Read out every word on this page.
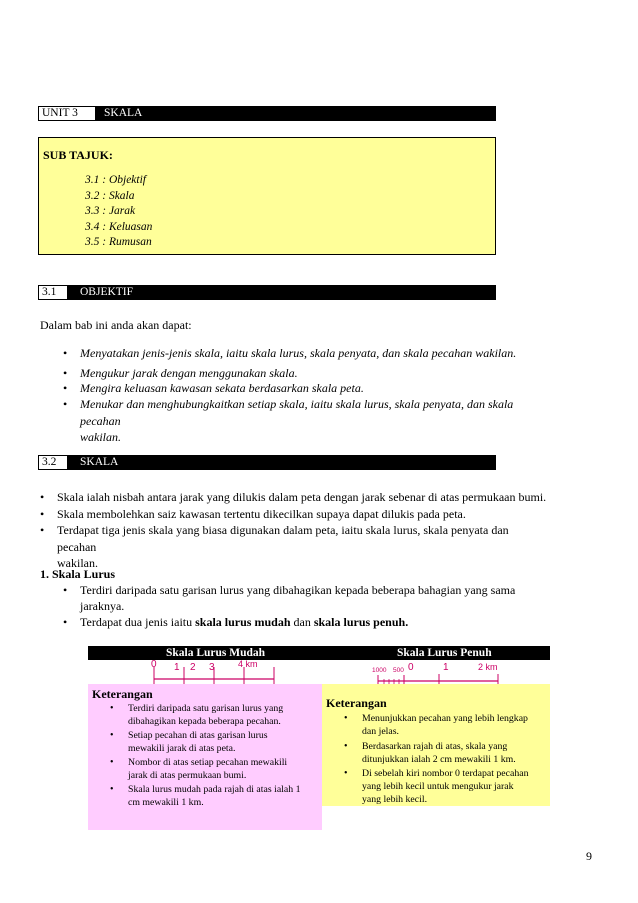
UNIT 3	SKALA
SUB TAJUK:
3.1 : Objektif
3.2 : Skala
3.3 : Jarak
3.4 : Keluasan
3.5 : Rumusan
3.1	OBJEKTIF
Dalam bab ini anda akan dapat:
• Menyatakan jenis-jenis skala, iaitu skala lurus, skala penyata, dan skala pecahan wakilan.
• Mengukur jarak dengan menggunakan skala.
• Mengira keluasan kawasan sekata berdasarkan skala peta.
• Menukar dan menghubungkaitkan setiap skala, iaitu skala lurus, skala penyata, dan skala
pecahan wakilan.
3.2	SKALA
• Skala ialah nisbah antara jarak yang dilukis dalam peta dengan jarak sebenar di atas permukaan bumi.
• Skala membolehkan saiz kawasan tertentu dikecilkan supaya dapat dilukis pada peta.
• Terdapat tiga jenis skala yang biasa digunakan dalam peta, iaitu skala lurus, skala penyata dan
pecahan wakilan.
1. Skala Lurus
• Terdiri daripada satu garisan lurus yang dibahagikan kepada beberapa bahagian yang sama
jaraknya.
• Terdapat dua jenis iaitu skala lurus mudah dan skala lurus penuh.
Skala Lurus Mudah	Skala Lurus Penuh
0 1 2 3	4 km
1000 500 0	1	2 km
Keterangan
• Terdiri daripada satu garisan lurus yang
dibahagikan kepada beberapa pecahan.
• Setiap pecahan di atas garisan lurus
mewakili jarak di atas peta.
• Nombor di atas setiap pecahan mewakili
jarak di atas permukaan bumi.
• Skala lurus mudah pada rajah di atas ialah 1
cm mewakili 1 km.
Keterangan
• Menunjukkan pecahan yang lebih lengkap
dan jelas.
• Berdasarkan rajah di atas, skala yang
ditunjukkan ialah 2 cm mewakili 1 km.
• Di sebelah kiri nombor 0 terdapat pecahan
yang lebih kecil untuk mengukur jarak
yang lebih kecil.
9
